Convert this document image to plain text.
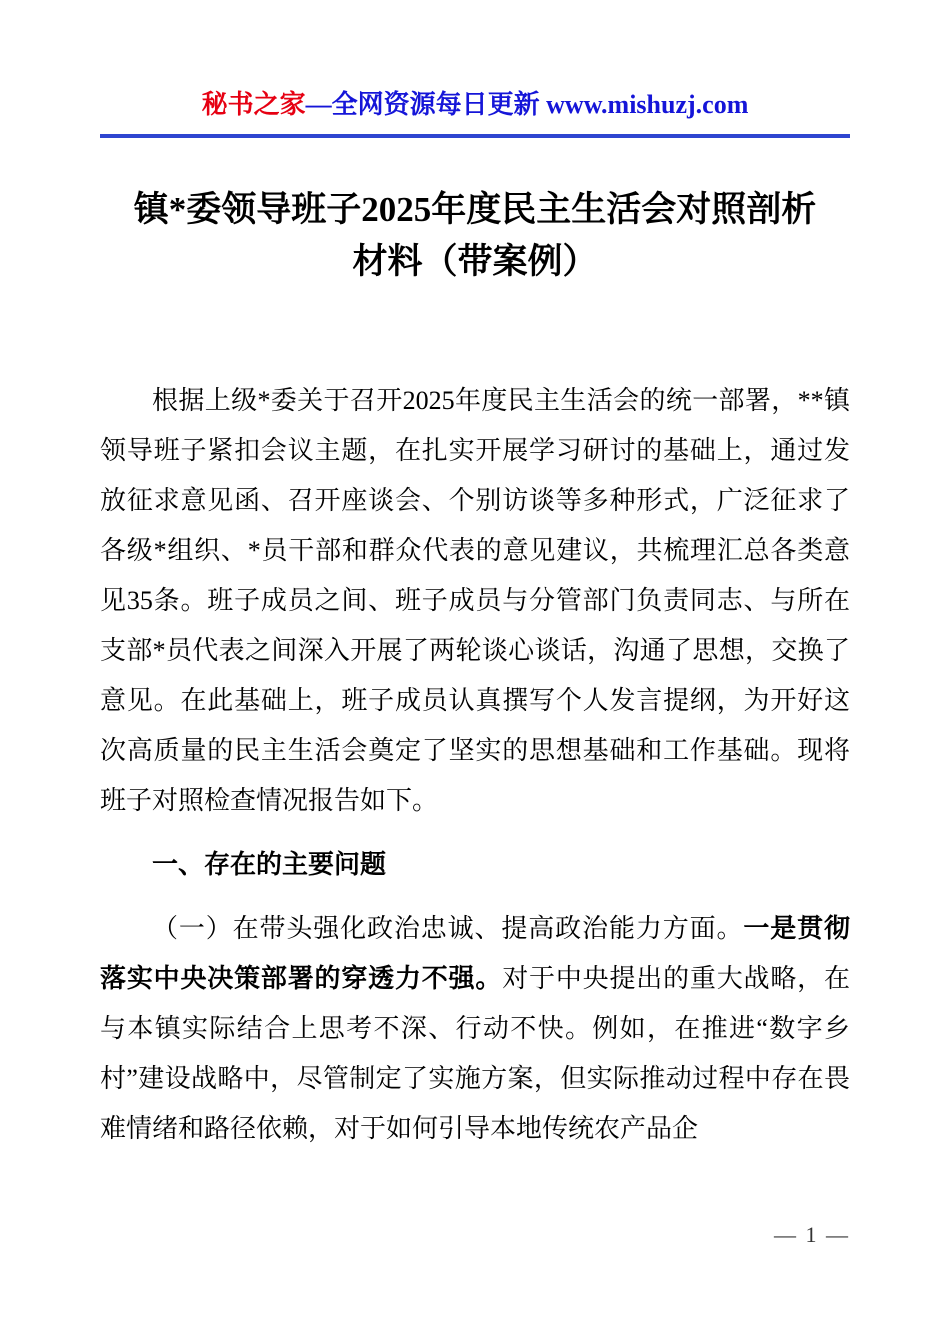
秘书之家—全网资源每日更新 www.mishuzj.com
镇*委领导班子2025年度民主生活会对照剖析
材料（带案例）

根据上级*委关于召开2025年度民主生活会的统一部署，**镇领导班子紧扣会议主题，在扎实开展学习研讨的基础上，通过发放征求意见函、召开座谈会、个别访谈等多种形式，广泛征求了各级*组织、*员干部和群众代表的意见建议，共梳理汇总各类意见35条。班子成员之间、班子成员与分管部门负责同志、与所在支部*员代表之间深入开展了两轮谈心谈话，沟通了思想，交换了意见。在此基础上，班子成员认真撰写个人发言提纲，为开好这次高质量的民主生活会奠定了坚实的思想基础和工作基础。现将班子对照检查情况报告如下。

一、存在的主要问题

（一）在带头强化政治忠诚、提高政治能力方面。一是贯彻落实中央决策部署的穿透力不强。对于中央提出的重大战略，在与本镇实际结合上思考不深、行动不快。例如，在推进“数字乡村”建设战略中，尽管制定了实施方案，但实际推动过程中存在畏难情绪和路径依赖，对于如何引导本地传统农产品企

— 1 —
